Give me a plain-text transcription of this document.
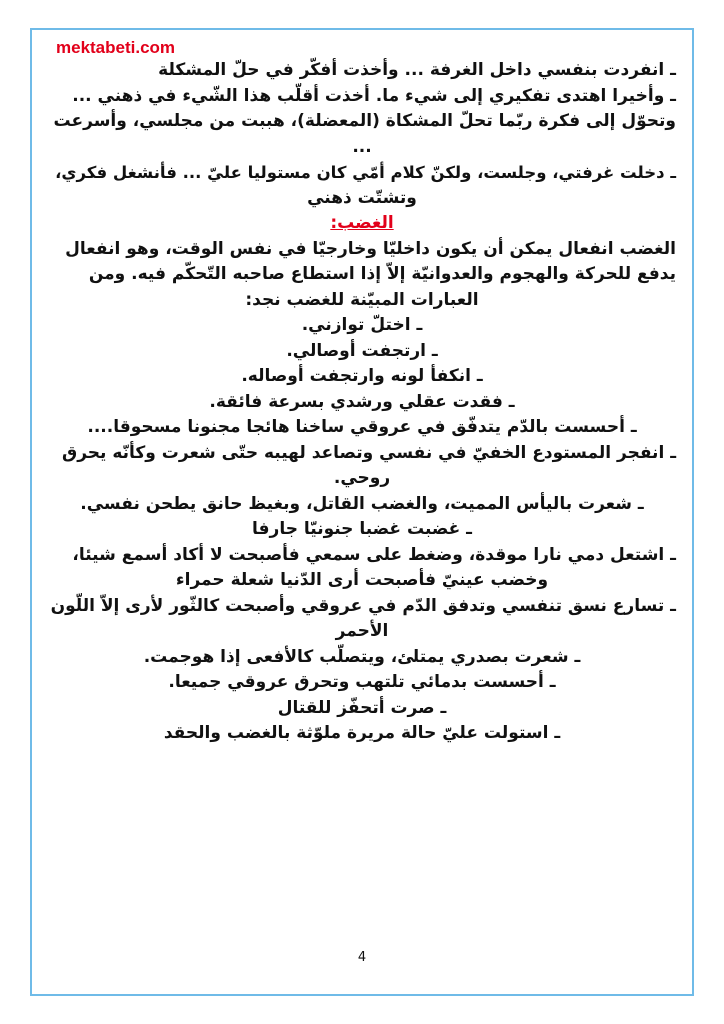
mektabeti.com
ـ انفردت بنفسي داخل الغرفة ... وأخذت أفكّر في حلّ المشكلة
ـ وأخيرا اهتدى تفكيري إلى شيء ما. أخذت أقلّب هذا الشّيء في ذهني ...
وتحوّل إلى فكرة ربّما تحلّ المشكاة (المعضلة)، هببت من مجلسي، وأسرعت
...
ـ دخلت غرفتي، وجلست، ولكنّ كلام أمّي كان مستوليا عليّ ... فأنشغل فكري،
وتشتّت ذهني
الغضب:
الغضب انفعال يمكن أن يكون داخليّا وخارجيّا في نفس الوقت، وهو انفعال
يدفع للحركة والهجوم والعدوانيّة إلاّ إذا استطاع صاحبه التّحكّم فيه. ومن
العبارات المبيّنة للغضب نجد:
ـ اختلّ توازني.
ـ ارتجفت أوصالي.
ـ انكفأ لونه وارتجفت أوصاله.
ـ فقدت عقلي ورشدي بسرعة فائقة.
ـ أحسست بالدّم يتدفّق في عروقي ساخنا هائجا مجنونا مسحوقا....
ـ انفجر المستودع الخفيّ في نفسي وتصاعد لهيبه حتّى شعرت وكأنّه يحرق
روحي.
ـ شعرت باليأس المميت، والغضب القاتل، وبغيظ حانق يطحن نفسي.
ـ غضبت غضبا جنونيّا جارفا
ـ اشتعل دمي نارا موقدة، وضغط على سمعي فأصبحت لا أكاد أسمع شيئا،
وخضب عينيّ فأصبحت أرى الدّنيا شعلة حمراء
ـ تسارع نسق تنفسي وتدفق الدّم في عروقي وأصبحت كالثّور لأرى إلاّ اللّون
الأحمر
ـ شعرت بصدري يمتلئ، ويتصلّب كالأفعى إذا هوجمت.
ـ أحسست بدمائي تلتهب وتحرق عروقي جميعا.
ـ صرت أتحفّز للقتال
ـ استولت عليّ حالة مريرة ملوّثة بالغضب والحقد
4
